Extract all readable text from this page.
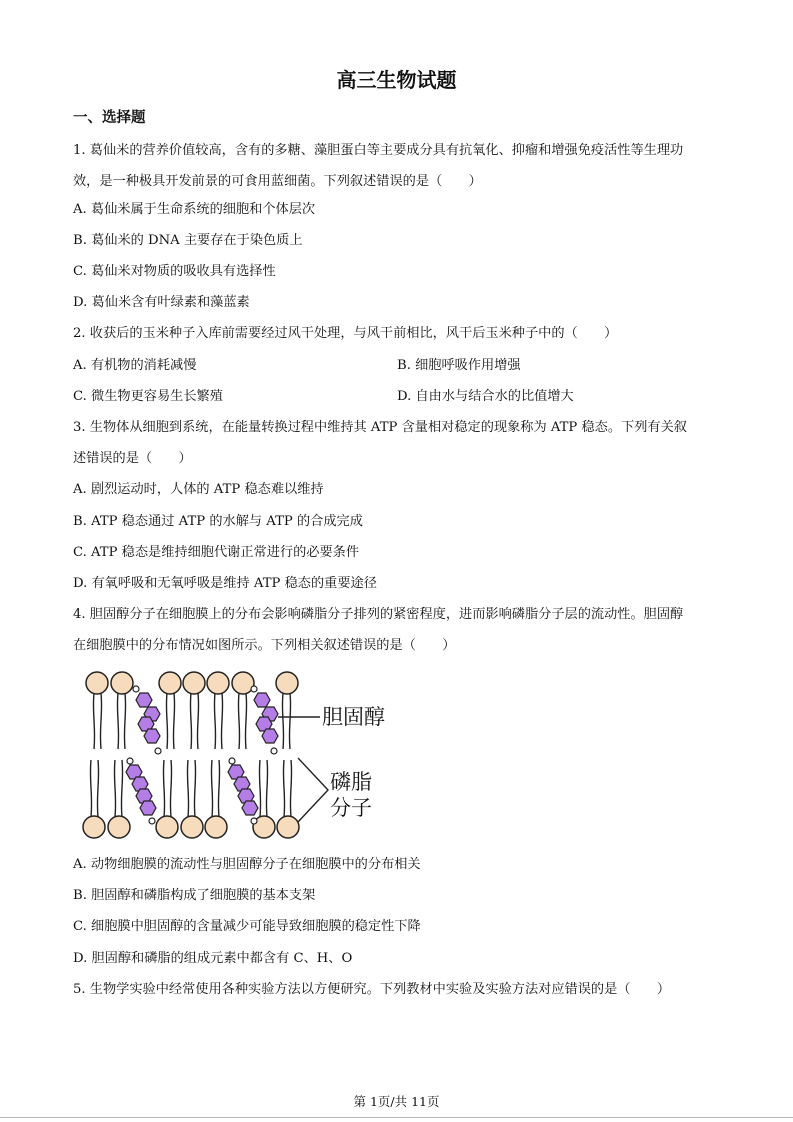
高三生物试题
一、选择题
1. 葛仙米的营养价值较高，含有的多糖、藻胆蛋白等主要成分具有抗氧化、抑瘤和增强免疫活性等生理功
效，是一种极具开发前景的可食用蓝细菌。下列叙述错误的是（　　）
A. 葛仙米属于生命系统的细胞和个体层次
B. 葛仙米的 DNA 主要存在于染色质上
C. 葛仙米对物质的吸收具有选择性
D. 葛仙米含有叶绿素和藻蓝素
2. 收获后的玉米种子入库前需要经过风干处理，与风干前相比，风干后玉米种子中的（　　）
A. 有机物的消耗减慢	B. 细胞呼吸作用增强
C. 微生物更容易生长繁殖	D. 自由水与结合水的比值增大
3. 生物体从细胞到系统，在能量转换过程中维持其 ATP 含量相对稳定的现象称为 ATP 稳态。下列有关叙
述错误的是（　　）
A. 剧烈运动时，人体的 ATP 稳态难以维持
B. ATP 稳态通过 ATP 的水解与 ATP 的合成完成
C. ATP 稳态是维持细胞代谢正常进行的必要条件
D. 有氧呼吸和无氧呼吸是维持 ATP 稳态的重要途径
4. 胆固醇分子在细胞膜上的分布会影响磷脂分子排列的紧密程度，进而影响磷脂分子层的流动性。胆固醇
在细胞膜中的分布情况如图所示。下列相关叙述错误的是（　　）
胆固醇
磷脂
分子
A. 动物细胞膜的流动性与胆固醇分子在细胞膜中的分布相关
B. 胆固醇和磷脂构成了细胞膜的基本支架
C. 细胞膜中胆固醇的含量减少可能导致细胞膜的稳定性下降
D. 胆固醇和磷脂的组成元素中都含有 C、H、O
5. 生物学实验中经常使用各种实验方法以方便研究。下列教材中实验及实验方法对应错误的是（　　）
第 1页/共 11页
